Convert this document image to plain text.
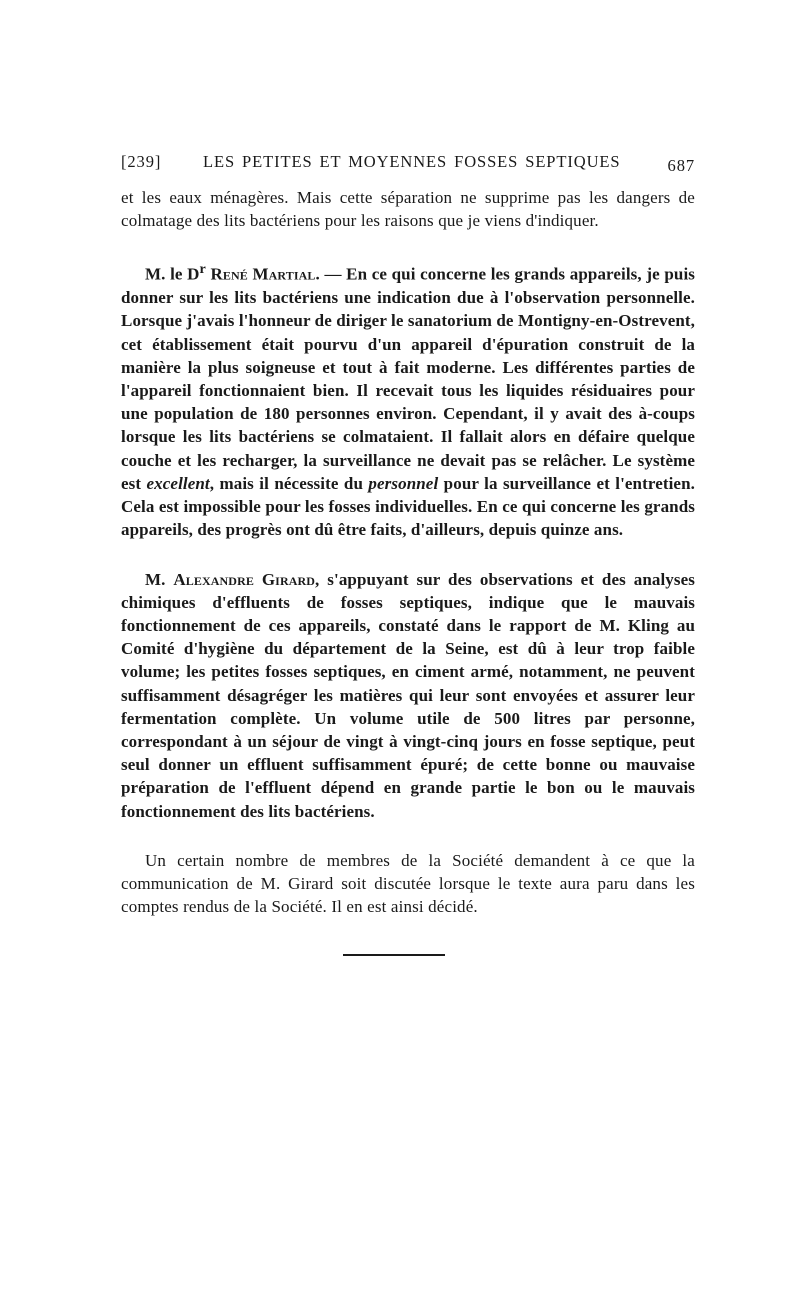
[239]	LES PETITES ET MOYENNES FOSSES SEPTIQUES	687

et les eaux ménagères. Mais cette séparation ne supprime pas les dangers de colmatage des lits bactériens pour les raisons que je viens d'indiquer.

M. le $D^r$ René Martial. — En ce qui concerne les grands appareils, je puis donner sur les lits bactériens une indication due à l'observation personnelle. Lorsque j'avais l'honneur de diriger le sanatorium de Montigny-en-Ostrevent, cet établissement était pourvu d'un appareil d'épuration construit de la manière la plus soigneuse et tout à fait moderne. Les différentes parties de l'appareil fonctionnaient bien. Il recevait tous les liquides résiduaires pour une population de 180 personnes environ. Cependant, il y avait des à-coups lorsque les lits bactériens se colmataient. Il fallait alors en défaire quelque couche et les recharger, la surveillance ne devait pas se relâcher. Le système est excellent, mais il nécessite du personnel pour la surveillance et l'entretien. Cela est impossible pour les fosses individuelles. En ce qui concerne les grands appareils, des progrès ont dû être faits, d'ailleurs, depuis quinze ans.

M. Alexandre Girard, s'appuyant sur des observations et des analyses chimiques d'effluents de fosses septiques, indique que le mauvais fonctionnement de ces appareils, constaté dans le rapport de M. Kling au Comité d'hygiène du département de la Seine, est dû à leur trop faible volume; les petites fosses septiques, en ciment armé, notamment, ne peuvent suffisamment désagréger les matières qui leur sont envoyées et assurer leur fermentation complète. Un volume utile de 500 litres par personne, correspondant à un séjour de vingt à vingt-cinq jours en fosse septique, peut seul donner un effluent suffisamment épuré; de cette bonne ou mauvaise préparation de l'effluent dépend en grande partie le bon ou le mauvais fonctionnement des lits bactériens.

Un certain nombre de membres de la Société demandent à ce que la communication de M. Girard soit discutée lorsque le texte aura paru dans les comptes rendus de la Société. Il en est ainsi décidé.
